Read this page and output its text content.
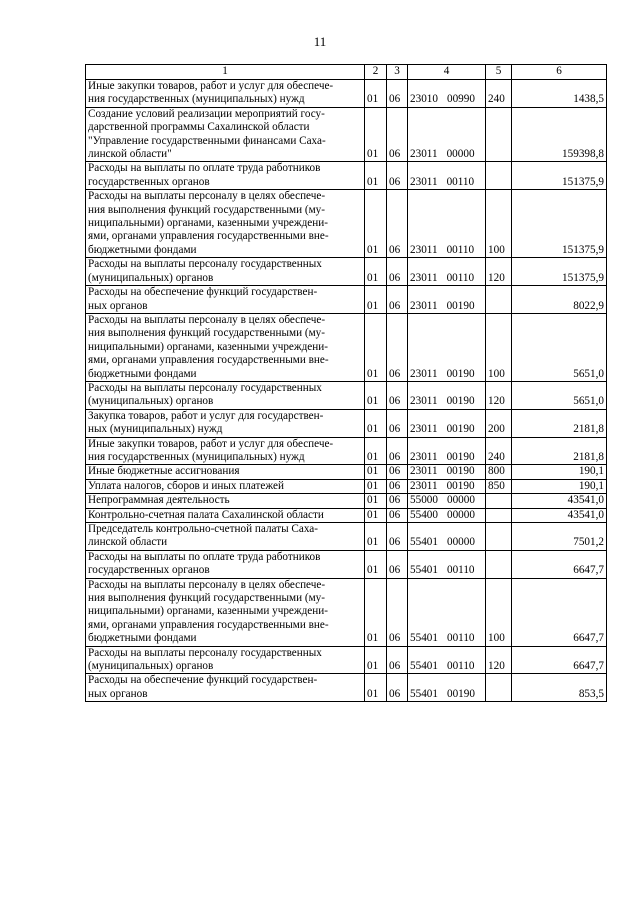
11
1	2	3	4	5	6
Иные закупки товаров, работ и услуг для обеспече-
ния государственных (муниципальных) нужд	01	06	23010 00990	240	1438,5
Создание условий реализации мероприятий госу-
дарственной программы Сахалинской области
"Управление государственными финансами Саха-
линской области"	01	06	23011 00000		159398,8
Расходы на выплаты по оплате труда работников
государственных органов	01	06	23011 00110		151375,9
Расходы на выплаты персоналу в целях обеспече-
ния выполнения функций государственными (му-
ниципальными) органами, казенными учреждени-
ями, органами управления государственными вне-
бюджетными фондами	01	06	23011 00110	100	151375,9
Расходы на выплаты персоналу государственных
(муниципальных) органов	01	06	23011 00110	120	151375,9
Расходы на обеспечение функций государствен-
ных органов	01	06	23011 00190		8022,9
Расходы на выплаты персоналу в целях обеспече-
ния выполнения функций государственными (му-
ниципальными) органами, казенными учреждени-
ями, органами управления государственными вне-
бюджетными фондами	01	06	23011 00190	100	5651,0
Расходы на выплаты персоналу государственных
(муниципальных) органов	01	06	23011 00190	120	5651,0
Закупка товаров, работ и услуг для государствен-
ных (муниципальных) нужд	01	06	23011 00190	200	2181,8
Иные закупки товаров, работ и услуг для обеспече-
ния государственных (муниципальных) нужд	01	06	23011 00190	240	2181,8
Иные бюджетные ассигнования	01	06	23011 00190	800	190,1
Уплата налогов, сборов и иных платежей	01	06	23011 00190	850	190,1
Непрограммная деятельность	01	06	55000 00000		43541,0
Контрольно-счетная палата Сахалинской области	01	06	55400 00000		43541,0
Председатель контрольно-счетной палаты Саха-
линской области	01	06	55401 00000		7501,2
Расходы на выплаты по оплате труда работников
государственных органов	01	06	55401 00110		6647,7
Расходы на выплаты персоналу в целях обеспече-
ния выполнения функций государственными (му-
ниципальными) органами, казенными учреждени-
ями, органами управления государственными вне-
бюджетными фондами	01	06	55401 00110	100	6647,7
Расходы на выплаты персоналу государственных
(муниципальных) органов	01	06	55401 00110	120	6647,7
Расходы на обеспечение функций государствен-
ных органов	01	06	55401 00190		853,5
